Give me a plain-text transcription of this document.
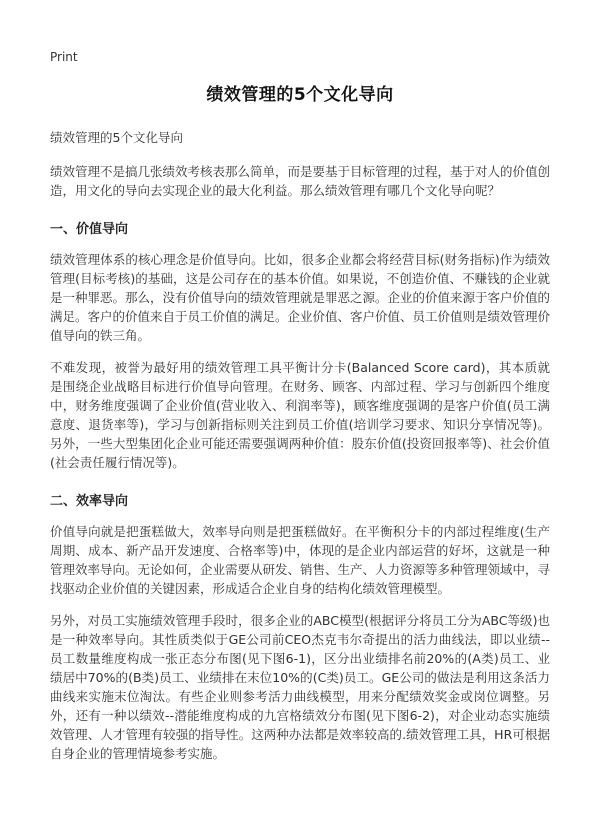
Print
绩效管理的5个文化导向

绩效管理的5个文化导向

绩效管理不是搞几张绩效考核表那么简单，而是要基于目标管理的过程，基于对人的价值创造，用文化的导向去实现企业的最大化利益。那么绩效管理有哪几个文化导向呢？

一、价值导向

绩效管理体系的核心理念是价值导向。比如，很多企业都会将经营目标(财务指标)作为绩效管理(目标考核)的基础，这是公司存在的基本价值。如果说，不创造价值、不赚钱的企业就是一种罪恶。那么，没有价值导向的绩效管理就是罪恶之源。企业的价值来源于客户价值的满足。客户的价值来自于员工价值的满足。企业价值、客户价值、员工价值则是绩效管理价值导向的铁三角。

不难发现，被誉为最好用的绩效管理工具平衡计分卡(Balanced Score card)，其本质就是围绕企业战略目标进行价值导向管理。在财务、顾客、内部过程、学习与创新四个维度中，财务维度强调了企业价值(营业收入、利润率等)，顾客维度强调的是客户价值(员工满意度、退货率等)，学习与创新指标则关注到员工价值(培训学习要求、知识分享情况等)。另外，一些大型集团化企业可能还需要强调两种价值：股东价值(投资回报率等)、社会价值(社会责任履行情况等)。

二、效率导向

价值导向就是把蛋糕做大，效率导向则是把蛋糕做好。在平衡积分卡的内部过程维度(生产周期、成本、新产品开发速度、合格率等)中，体现的是企业内部运营的好坏，这就是一种管理效率导向。无论如何，企业需要从研发、销售、生产、人力资源等多种管理领域中，寻找驱动企业价值的关键因素，形成适合企业自身的结构化绩效管理模型。

另外，对员工实施绩效管理手段时，很多企业的ABC模型(根据评分将员工分为ABC等级)也是一种效率导向。其性质类似于GE公司前CEO杰克韦尔奇提出的活力曲线法，即以业绩--员工数量维度构成一张正态分布图(见下图6-1)，区分出业绩排名前20%的(A类)员工、业绩居中70%的(B类)员工、业绩排在末位10%的(C类)员工。GE公司的做法是利用这条活力曲线来实施末位淘汰。有些企业则参考活力曲线模型，用来分配绩效奖金或岗位调整。另外，还有一种以绩效--潜能维度构成的九宫格绩效分布图(见下图6-2)，对企业动态实施绩效管理、人才管理有较强的指导性。这两种办法都是效率较高的.绩效管理工具，HR可根据自身企业的管理情境参考实施。
